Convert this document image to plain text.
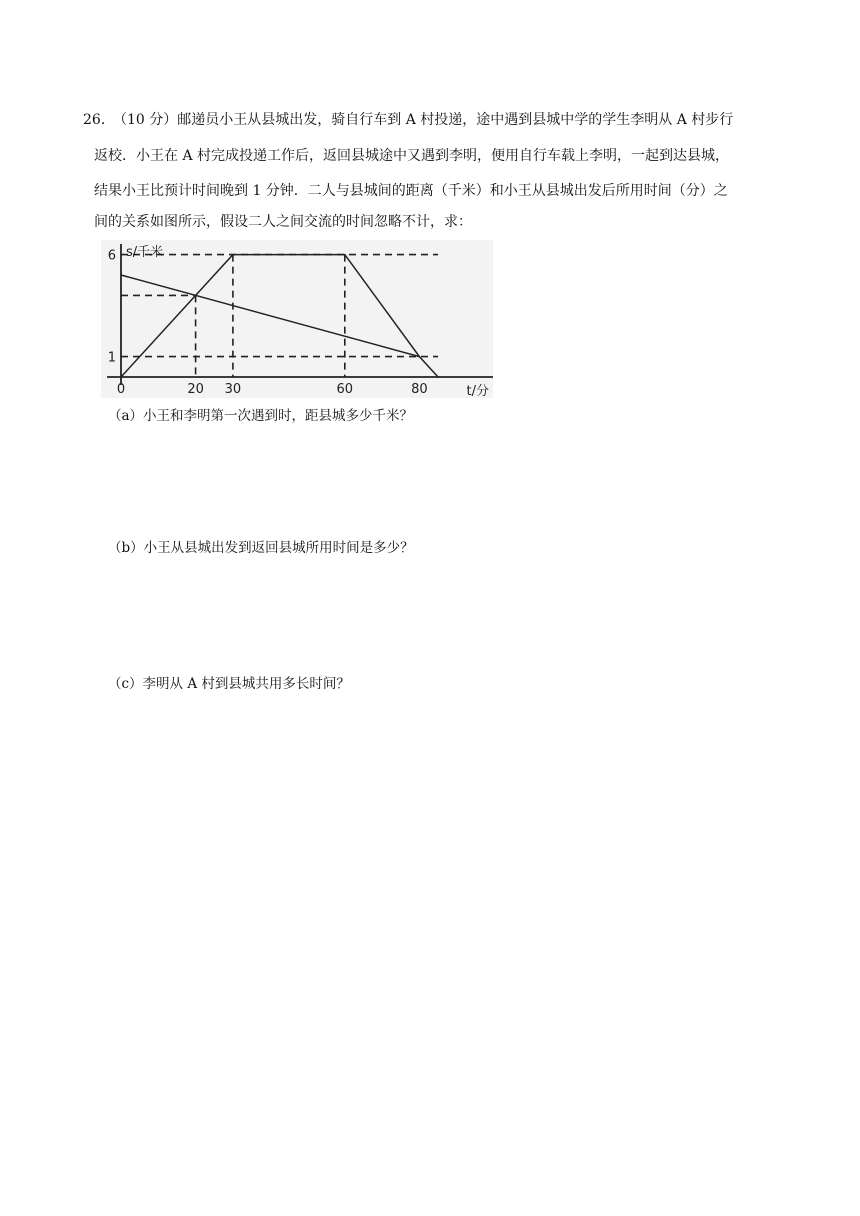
26．
（10 分）邮递员小王从县城出发，骑自行车到 A 村投递，途中遇到县城中学的学生李明从 A 村步行
返校．小王在 A 村完成投递工作后，返回县城途中又遇到李明，便用自行车载上李明，一起到达县城，
结果小王比预计时间晚到 1 分钟．二人与县城间的距离（千米）和小王从县城出发后所用时间（分）之
间的关系如图所示，假设二人之间交流的时间忽略不计，求：
0	20 30	60	80
6
1
s/千米
t/分
（a）小王和李明第一次遇到时，距县城多少千米？
（b）小王从县城出发到返回县城所用时间是多少？
（c）李明从 A 村到县城共用多长时间？
